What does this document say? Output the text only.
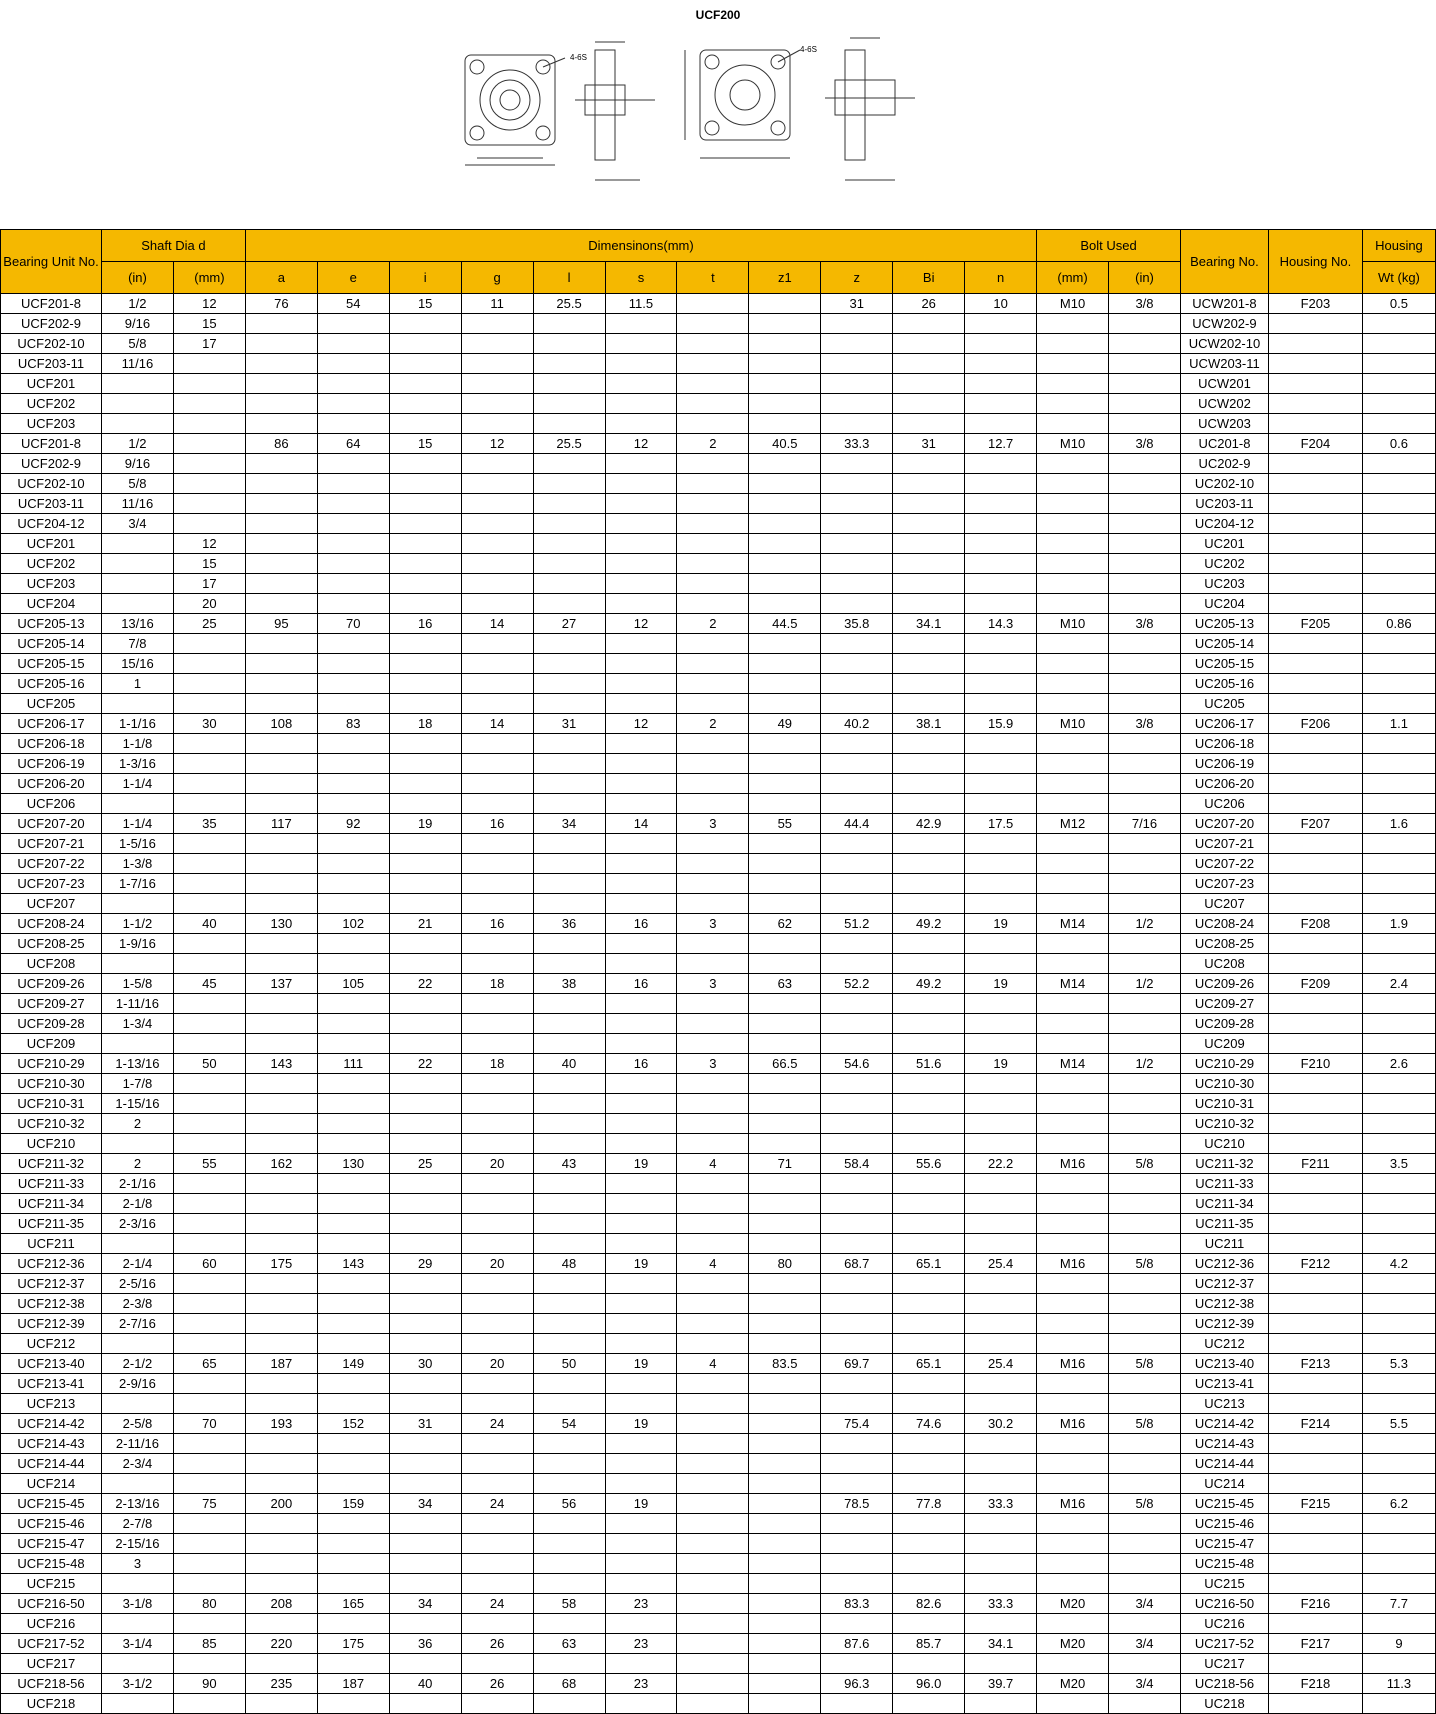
UCF200
4-6S
4-6S
Bearing Unit No.	Shaft Dia d		Dimensinons(mm)											Bolt Used		Bearing No.	Housing No.	Housing
	(in)	(mm)	a	e	i	g	l	s	t	z1	z	Bi	n	(mm)	(in)			Wt (kg)
UCF201-8	1/2	12	76	54	15	11	25.5	11.5			31	26	10	M10	3/8	UCW201-8	F203	0.5
UCF202-9	9/16	15														UCW202-9		
UCF202-10	5/8	17														UCW202-10		
UCF203-11	11/16															UCW203-11		
UCF201																UCW201		
UCF202																UCW202		
UCF203																UCW203		
UCF201-8	1/2		86	64	15	12	25.5	12	2	40.5	33.3	31	12.7	M10	3/8	UC201-8	F204	0.6
UCF202-9	9/16															UC202-9		
UCF202-10	5/8															UC202-10		
UCF203-11	11/16															UC203-11		
UCF204-12	3/4															UC204-12		
UCF201		12														UC201		
UCF202		15														UC202		
UCF203		17														UC203		
UCF204		20														UC204		
UCF205-13	13/16	25	95	70	16	14	27	12	2	44.5	35.8	34.1	14.3	M10	3/8	UC205-13	F205	0.86
UCF205-14	7/8															UC205-14		
UCF205-15	15/16															UC205-15		
UCF205-16	1															UC205-16		
UCF205																UC205		
UCF206-17	1-1/16	30	108	83	18	14	31	12	2	49	40.2	38.1	15.9	M10	3/8	UC206-17	F206	1.1
UCF206-18	1-1/8															UC206-18		
UCF206-19	1-3/16															UC206-19		
UCF206-20	1-1/4															UC206-20		
UCF206																UC206		
UCF207-20	1-1/4	35	117	92	19	16	34	14	3	55	44.4	42.9	17.5	M12	7/16	UC207-20	F207	1.6
UCF207-21	1-5/16															UC207-21		
UCF207-22	1-3/8															UC207-22		
UCF207-23	1-7/16															UC207-23		
UCF207																UC207		
UCF208-24	1-1/2	40	130	102	21	16	36	16	3	62	51.2	49.2	19	M14	1/2	UC208-24	F208	1.9
UCF208-25	1-9/16															UC208-25		
UCF208																UC208		
UCF209-26	1-5/8	45	137	105	22	18	38	16	3	63	52.2	49.2	19	M14	1/2	UC209-26	F209	2.4
UCF209-27	1-11/16															UC209-27		
UCF209-28	1-3/4															UC209-28		
UCF209																UC209		
UCF210-29	1-13/16	50	143	111	22	18	40	16	3	66.5	54.6	51.6	19	M14	1/2	UC210-29	F210	2.6
UCF210-30	1-7/8															UC210-30		
UCF210-31	1-15/16															UC210-31		
UCF210-32	2															UC210-32		
UCF210																UC210		
UCF211-32	2	55	162	130	25	20	43	19	4	71	58.4	55.6	22.2	M16	5/8	UC211-32	F211	3.5
UCF211-33	2-1/16															UC211-33		
UCF211-34	2-1/8															UC211-34		
UCF211-35	2-3/16															UC211-35		
UCF211																UC211		
UCF212-36	2-1/4	60	175	143	29	20	48	19	4	80	68.7	65.1	25.4	M16	5/8	UC212-36	F212	4.2
UCF212-37	2-5/16															UC212-37		
UCF212-38	2-3/8															UC212-38		
UCF212-39	2-7/16															UC212-39		
UCF212																UC212		
UCF213-40	2-1/2	65	187	149	30	20	50	19	4	83.5	69.7	65.1	25.4	M16	5/8	UC213-40	F213	5.3
UCF213-41	2-9/16															UC213-41		
UCF213																UC213		
UCF214-42	2-5/8	70	193	152	31	24	54	19			75.4	74.6	30.2	M16	5/8	UC214-42	F214	5.5
UCF214-43	2-11/16															UC214-43		
UCF214-44	2-3/4															UC214-44		
UCF214																UC214		
UCF215-45	2-13/16	75	200	159	34	24	56	19			78.5	77.8	33.3	M16	5/8	UC215-45	F215	6.2
UCF215-46	2-7/8															UC215-46		
UCF215-47	2-15/16															UC215-47		
UCF215-48	3															UC215-48		
UCF215																UC215		
UCF216-50	3-1/8	80	208	165	34	24	58	23			83.3	82.6	33.3	M20	3/4	UC216-50	F216	7.7
UCF216																UC216		
UCF217-52	3-1/4	85	220	175	36	26	63	23			87.6	85.7	34.1	M20	3/4	UC217-52	F217	9
UCF217																UC217		
UCF218-56	3-1/2	90	235	187	40	26	68	23			96.3	96.0	39.7	M20	3/4	UC218-56	F218	11.3
UCF218																UC218		
